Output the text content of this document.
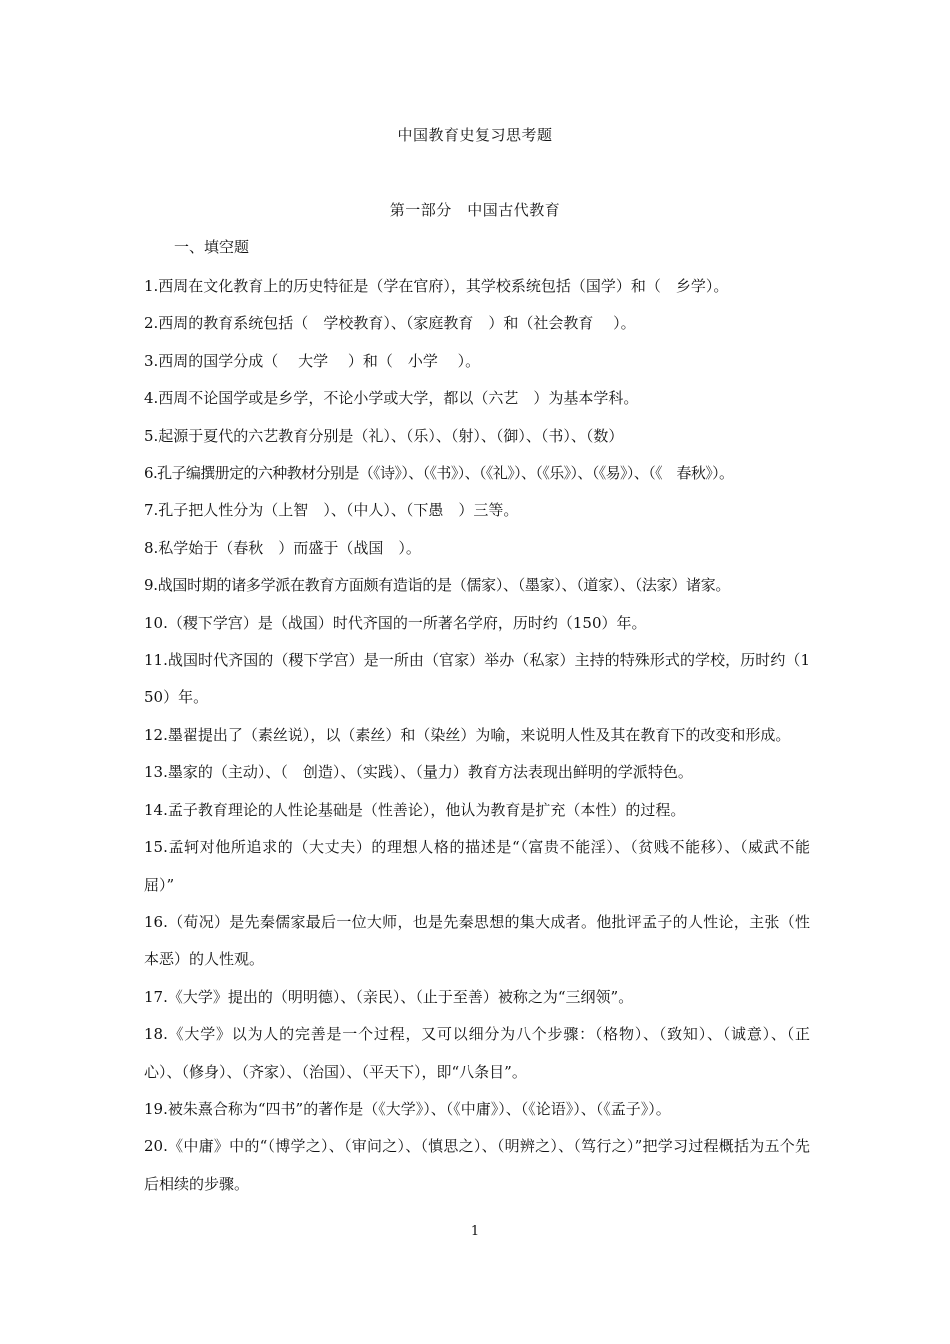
中国教育史复习思考题
第一部分　中国古代教育
一、填空题
1.西周在文化教育上的历史特征是（学在官府），其学校系统包括（国学）和（　乡学）。
2.西周的教育系统包括（　学校教育）、（家庭教育　）和（社会教育　 ）。
3.西周的国学分成（　 大学　 ）和（　小学　 ）。
4.西周不论国学或是乡学，不论小学或大学，都以（六艺　）为基本学科。
5.起源于夏代的六艺教育分别是（礼）、（乐）、（射）、（御）、（书）、（数）
6.孔子编撰册定的六种教材分别是（《诗》）、（《书》）、（《礼》）、（《乐》）、（《易》）、（《　春秋》）。
7.孔子把人性分为（上智　）、（中人）、（下愚　）三等。
8.私学始于（春秋　）而盛于（战国　）。
9.战国时期的诸多学派在教育方面颇有造诣的是（儒家）、（墨家）、（道家）、（法家）诸家。
10.（稷下学宫）是（战国）时代齐国的一所著名学府，历时约（150）年。
11.战国时代齐国的（稷下学宫）是一所由（官家）举办（私家）主持的特殊形式的学校，历时约（150）年。
12.墨翟提出了（素丝说），以（素丝）和（染丝）为喻，来说明人性及其在教育下的改变和形成。
13.墨家的（主动）、（　创造）、（实践）、（量力）教育方法表现出鲜明的学派特色。
14.孟子教育理论的人性论基础是（性善论），他认为教育是扩充（本性）的过程。
15.孟轲对他所追求的（大丈夫）的理想人格的描述是“（富贵不能淫）、（贫贱不能移）、（威武不能屈）”
16.（荀况）是先秦儒家最后一位大师，也是先秦思想的集大成者。他批评孟子的人性论，主张（性本恶）的人性观。
17.《大学》提出的（明明德）、（亲民）、（止于至善）被称之为“三纲领”。
18.《大学》以为人的完善是一个过程，又可以细分为八个步骤：（格物）、（致知）、（诚意）、（正心）、（修身）、（齐家）、（治国）、（平天下），即“八条目”。
19.被朱熹合称为“四书”的著作是（《大学》）、（《中庸》）、（《论语》）、（《孟子》）。
20.《中庸》中的“（博学之）、（审问之）、（慎思之）、（明辨之）、（笃行之）”把学习过程概括为五个先后相续的步骤。
1
